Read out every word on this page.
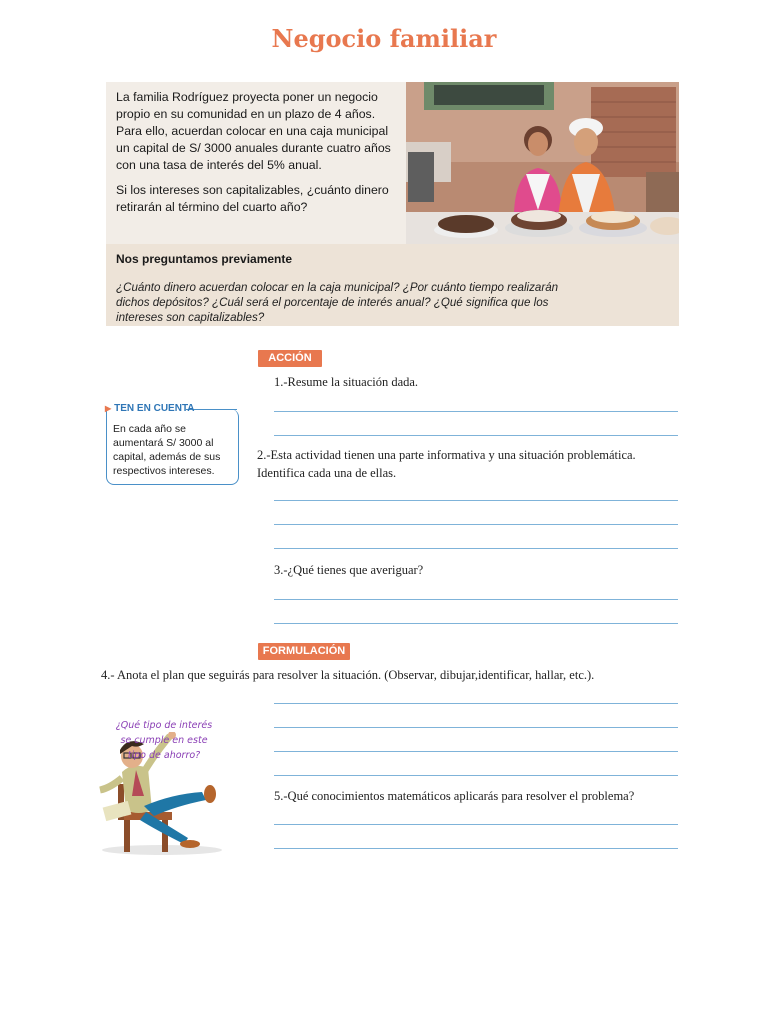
Negocio familiar

La familia Rodríguez proyecta poner un negocio propio en su comunidad en un plazo de 4 años. Para ello, acuerdan colocar en una caja municipal un capital de S/ 3000 anuales durante cuatro años con una tasa de interés del 5% anual.

Si los intereses son capitalizables, ¿cuánto dinero retirarán al término del cuarto año?

Nos preguntamos previamente
¿Cuánto dinero acuerdan colocar en la caja municipal? ¿Por cuánto tiempo realizarán dichos depósitos? ¿Cuál será el porcentaje de interés anual? ¿Qué significa que los intereses son capitalizables?
ACCIÓN
1.-Resume la situación dada.
▶ TEN EN CUENTA
En cada año se aumentará S/ 3000 al capital, además de sus respectivos intereses.
2.-Esta actividad tienen una parte informativa y una situación problemática. Identifica cada una de ellas.
3.-¿Qué tienes que averiguar?
FORMULACIÓN
4.- Anota el plan que seguirás para resolver la situación. (Observar, dibujar,identificar, hallar, etc.).
5.-Qué conocimientos matemáticos aplicarás para resolver el problema?
¿Qué tipo de interés se cumple en este tipo de ahorro?
